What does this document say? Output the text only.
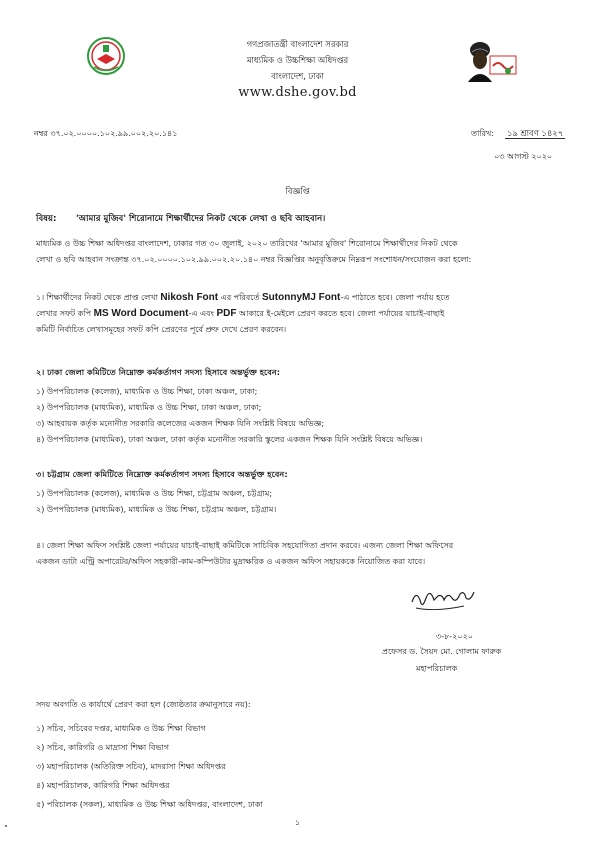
গণপ্রজাতন্ত্রী বাংলাদেশ সরকার
মাধ্যমিক ও উচ্চশিক্ষা অধিদপ্তর
বাংলাদেশ, ঢাকা
www.dshe.gov.bd
নম্বর ৩৭.০২.০০০০.১০২.৯৯.০০২.২০.১৪১	তারিখ: ১৯ শ্রাবণ ১৪২৭
০৩ আগস্ট ২০২০
বিজ্ঞপ্তি
বিষয়: 'আমার মুজিব' শিরোনামে শিক্ষার্থীদের নিকট থেকে লেখা ও ছবি আহবান।
মাধ্যমিক ও উচ্চ শিক্ষা অধিদপ্তর বাংলাদেশ, ঢাকার গত ৩০ জুলাই, ২০২০ তারিখের 'আমার মুজিব' শিরোনামে শিক্ষার্থীদের নিকট থেকে
লেখা ও ছবি আহবান সংক্রান্ত ৩৭.০২.০০০০.১০২.৯৯.০০২.২০.১৪০ নম্বর বিজ্ঞপ্তির অনুবৃত্তিক্রমে নিম্নরূপ সংশোধন/সংযোজন করা হলো:
১। শিক্ষার্থীদের নিকট থেকে প্রাপ্ত লেখা Nikosh Font এর পরিবর্তে SutonnyMJ Font-এ পাঠাতে হবে। জেলা পর্যায় হতে
লেখার সফট কপি MS Word Document-এ এবং PDF আকারে ই-মেইলে প্রেরণ করতে হবে। জেলা পর্যায়ের যাচাই-বাছাই
কমিটি নির্বাচিত লেখাসমূহের সফট কপি প্রেরণের পূর্বে প্রুফ দেখে প্রেরণ করবেন।
২। ঢাকা জেলা কমিটিতে নিম্নোক্ত কর্মকর্তাগণ সদস্য হিসাবে অন্তর্ভুক্ত হবেন:
১) উপপরিচালক (কলেজ), মাধ্যমিক ও উচ্চ শিক্ষা, ঢাকা অঞ্চল, ঢাকা;
২) উপপরিচালক (মাধ্যমিক), মাধ্যমিক ও উচ্চ শিক্ষা, ঢাকা অঞ্চল, ঢাকা;
৩) আহবায়ক কর্তৃক মনোনীত সরকারি কলেজের একজন শিক্ষক যিনি সংশ্লিষ্ট বিষয়ে অভিজ্ঞ;
৪) উপপরিচালক (মাধ্যমিক), ঢাকা অঞ্চল, ঢাকা কর্তৃক মনোনীত সরকারি স্কুলের একজন শিক্ষক যিনি সংশ্লিষ্ট বিষয়ে অভিজ্ঞ।
৩। চট্টগ্রাম জেলা কমিটিতে নিম্নোক্ত কর্মকর্তাগণ সদস্য হিসাবে অন্তর্ভুক্ত হবেন:
১) উপপরিচালক (কলেজ), মাধ্যমিক ও উচ্চ শিক্ষা, চট্টগ্রাম অঞ্চল, চট্টগ্রাম;
২) উপপরিচালক (মাধ্যমিক), মাধ্যমিক ও উচ্চ শিক্ষা, চট্টগ্রাম অঞ্চল, চট্টগ্রাম।
৪। জেলা শিক্ষা অফিস সংশ্লিষ্ট জেলা পর্যায়ের যাচাই-বাছাই কমিটিকে সাচিবিক সহযোগিতা প্রদান করবে। এজন্য জেলা শিক্ষা অফিসের
একজন ডাটা এন্ট্রি অপারেটর/অফিস সহকারী-কাম-কম্পিউটার মুদ্রাক্ষরিক ও একজন অফিস সহায়ককে নিয়োজিত করা যাবে।
৩-৮-২০২০
প্রফেসর ড. সৈয়দ মো. গোলাম ফারুক
মহাপরিচালক
সদয় অবগতি ও কার্যার্থে প্রেরণ করা হল (জ্যেষ্ঠতার ক্রমানুসারে নয়):
১) সচিব, সচিবের দপ্তর, মাধ্যমিক ও উচ্চ শিক্ষা বিভাগ
২) সচিব, কারিগরি ও মাদ্রাসা শিক্ষা বিভাগ
৩) মহাপরিচালক (অতিরিক্ত সচিব), মাদরাসা শিক্ষা অধিদপ্তর
৪) মহাপরিচালক, কারিগরি শিক্ষা অধিদপ্তর
৫) পরিচালক (সকল), মাধ্যমিক ও উচ্চ শিক্ষা অধিদপ্তর, বাংলাদেশ, ঢাকা
১
